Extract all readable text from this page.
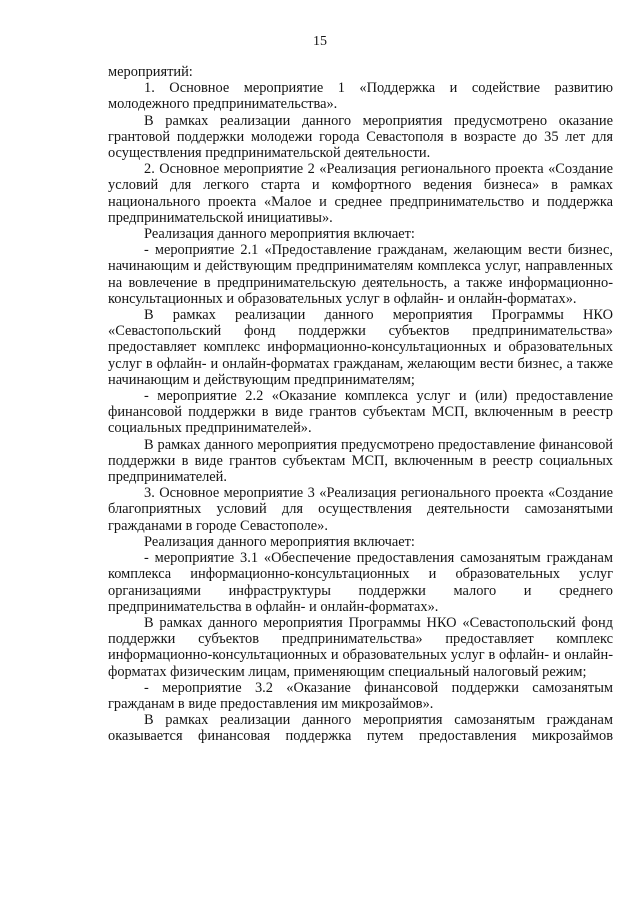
15

мероприятий:

1. Основное мероприятие 1 «Поддержка и содействие развитию молодежного предпринимательства».

В рамках реализации данного мероприятия предусмотрено оказание грантовой поддержки молодежи города Севастополя в возрасте до 35 лет для осуществления предпринимательской деятельности.

2. Основное мероприятие 2 «Реализация регионального проекта «Создание условий для легкого старта и комфортного ведения бизнеса» в рамках национального проекта «Малое и среднее предпринимательство и поддержка предпринимательской инициативы».

Реализация данного мероприятия включает:

- мероприятие 2.1 «Предоставление гражданам, желающим вести бизнес, начинающим и действующим предпринимателям комплекса услуг, направленных на вовлечение в предпринимательскую деятельность, а также информационно-консультационных и образовательных услуг в офлайн- и онлайн-форматах».

В рамках реализации данного мероприятия Программы НКО «Севастопольский фонд поддержки субъектов предпринимательства» предоставляет комплекс информационно-консультационных и образовательных услуг в офлайн- и онлайн-форматах гражданам, желающим вести бизнес, а также начинающим и действующим предпринимателям;

- мероприятие 2.2 «Оказание комплекса услуг и (или) предоставление финансовой поддержки в виде грантов субъектам МСП, включенным в реестр социальных предпринимателей».

В рамках данного мероприятия предусмотрено предоставление финансовой поддержки в виде грантов субъектам МСП, включенным в реестр социальных предпринимателей.

3. Основное мероприятие 3 «Реализация регионального проекта «Создание благоприятных условий для осуществления деятельности самозанятыми гражданами в городе Севастополе».

Реализация данного мероприятия включает:

- мероприятие 3.1 «Обеспечение предоставления самозанятым гражданам комплекса информационно-консультационных и образовательных услуг организациями инфраструктуры поддержки малого и среднего предпринимательства в офлайн- и онлайн-форматах».

В рамках данного мероприятия Программы НКО «Севастопольский фонд поддержки субъектов предпринимательства» предоставляет комплекс информационно-консультационных и образовательных услуг в офлайн- и онлайн-форматах физическим лицам, применяющим специальный налоговый режим;

- мероприятие 3.2 «Оказание финансовой поддержки самозанятым гражданам в виде предоставления им микрозаймов».

В рамках реализации данного мероприятия самозанятым гражданам оказывается финансовая поддержка путем предоставления микрозаймов
